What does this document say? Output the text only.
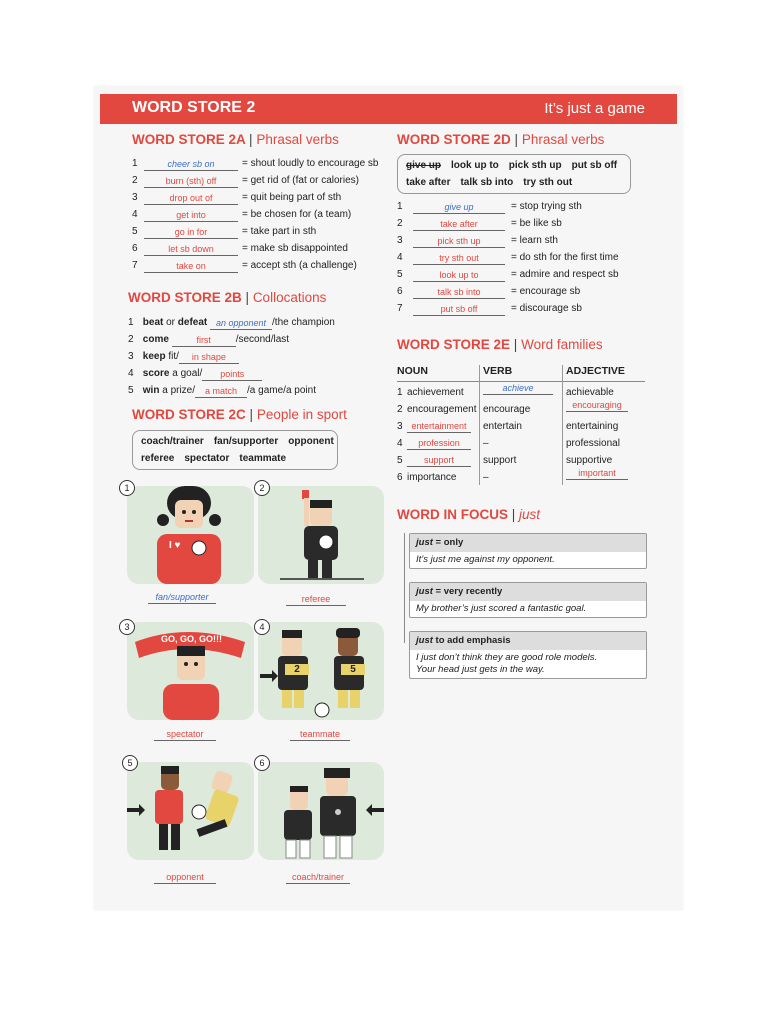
WORD STORE 2	It’s just a game
WORD STORE 2A | Phrasal verbs
1	cheer sb on	= shout loudly to encourage sb
2	burn (sth) off	= get rid of (fat or calories)
3	drop out of	= quit being part of sth
4	get into	= be chosen for (a team)
5	go in for	= take part in sth
6	let sb down	= make sb disappointed
7	take on	= accept sth (a challenge)
WORD STORE 2B | Collocations
1 beat or defeat an opponent /the champion
2 come	first /second/last
3 keep fit/ in shape
4 score a goal/ points
5 win a prize/ a match /a game/a point
WORD STORE 2C | People in sport
coach/trainer fan/supporter opponent
referee spectator teammate
I ♥
1	2
fan/supporter	referee
GO, GO, GO!!!
2	5
3	4
spectator	teammate
5	6
opponent	coach/trainer
WORD STORE 2D | Phrasal verbs
give up look up to pick sth up put sb off
take after talk sb into try sth out
1	give up	= stop trying sth
2	take after	= be like sb
3	pick sth up	= learn sth
4	try sth out	= do sth for the first time
5	look up to	= admire and respect sb
6	talk sb into	= encourage sb
7	put sb off	= discourage sb
WORD STORE 2E | Word families
NOUN	VERB	ADJECTIVE
1 achievement	achieve	achievable
2 encouragement encourage	encouraging
3 entertainment	entertain	entertaining
4	profession	–	professional
5	support	support	supportive
6 importance	–	important
WORD IN FOCUS | just
just = only
It’s just me against my opponent.
just = very recently
My brother’s just scored a fantastic goal.
just to add emphasis
I just don’t think they are good role models.
Your head just gets in the way.
